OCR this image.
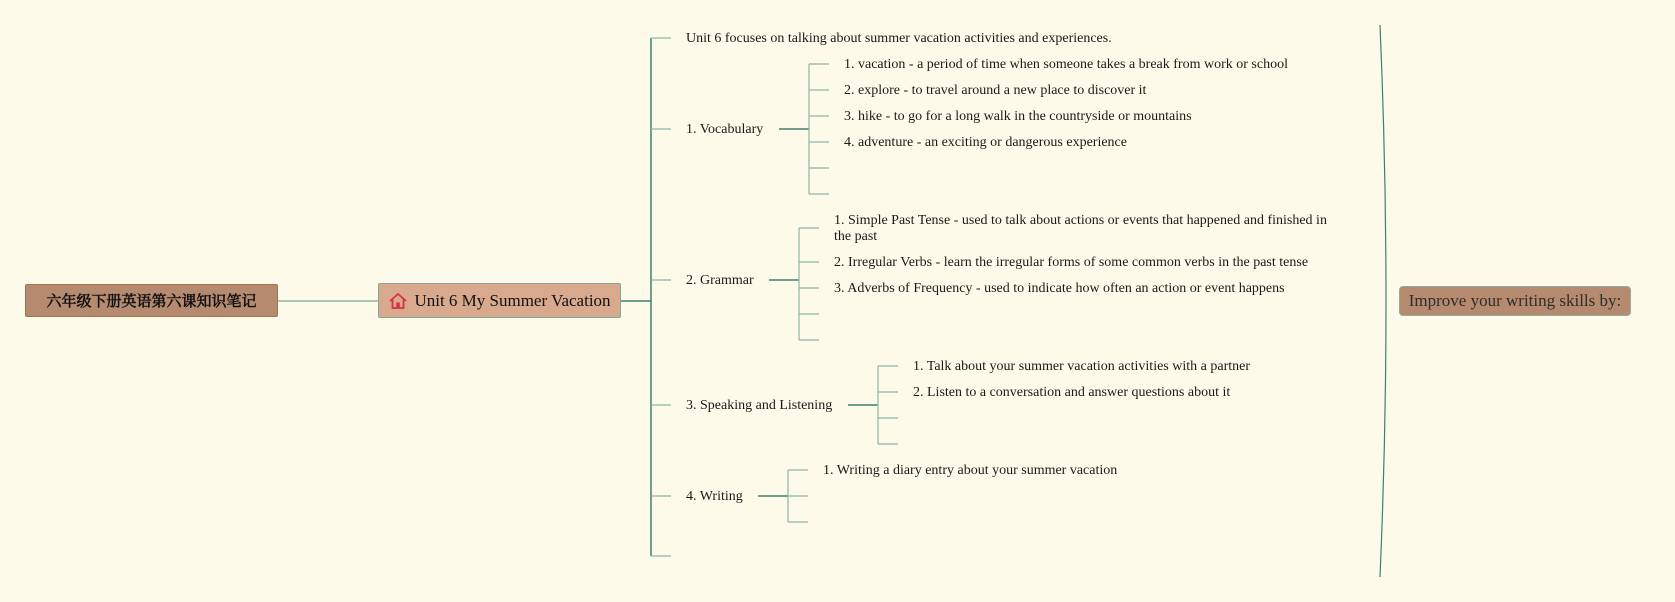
六年级下册英语第六课知识笔记	Unit 6 My Summer Vacation
Unit 6 focuses on talking about summer vacation activities and experiences.
1. Vocabulary
1. vacation - a period of time when someone takes a break from work or school
2. explore - to travel around a new place to discover it
3. hike - to go for a long walk in the countryside or mountains
4. adventure - an exciting or dangerous experience
2. Grammar
1. Simple Past Tense - used to talk about actions or events that happened and finished in the past
2. Irregular Verbs - learn the irregular forms of some common verbs in the past tense
3. Adverbs of Frequency - used to indicate how often an action or event happens
3. Speaking and Listening
1. Talk about your summer vacation activities with a partner
2. Listen to a conversation and answer questions about it
4. Writing
1. Writing a diary entry about your summer vacation
Improve your writing skills by:
